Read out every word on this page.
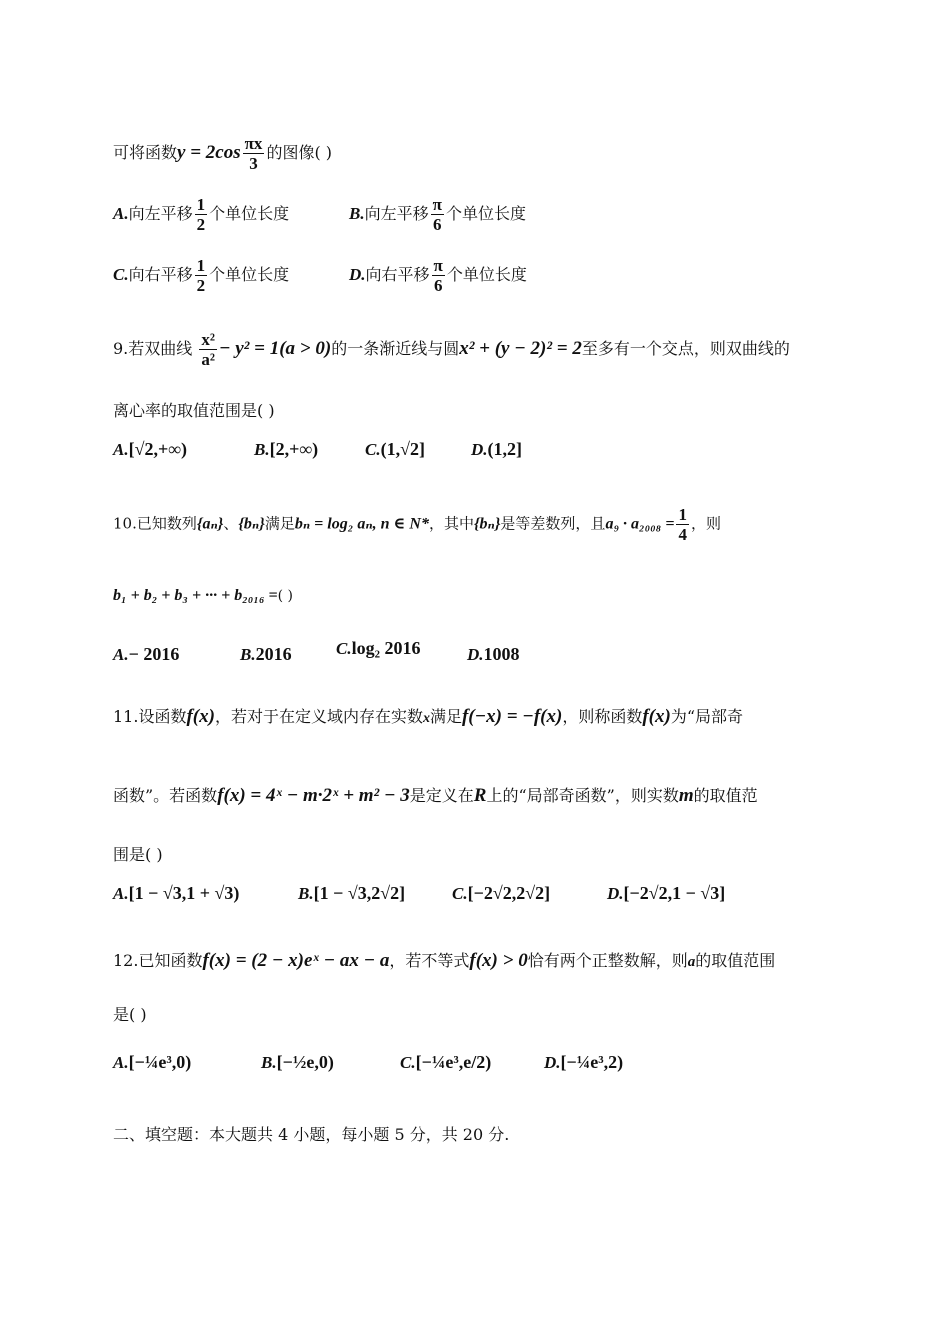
可将函数$y = 2\cos \frac{\pi x}{3}$ 的图像( )
A.向左平移 $\frac{1}{2}$ 个单位长度	B.向左平移 $\frac{\pi}{6}$ 个单位长度
C.向右平移 $\frac{1}{2}$ 个单位长度	D.向右平移 $\frac{\pi}{6}$ 个单位长度
9.若双曲线 $\frac{\text{x²}}{\text{a²}} - y^2 = 1(a > 0)$的一条渐近线与圆x² + (y − 2)² = 2至多有一个交点，则双曲线的
离心率的取值范围是( )
A.[√2,+∞)	B.[2,+∞)	C.(1,√2]	D.(1,2]
10.已知数列{aₙ}、{bₙ}满足bₙ = log₂ aₙ, n ∈ N*，其中{bₙ}是等差数列，且$a_9 \cdot a_{2008} = \frac{1}{4}$ ，则
b₁ + b₂ + b₃ + ··· + b₂₀₁₆ =( )
A.− 2016	B.2016	C.log₂ 2016	D.1008
11.设函数f(x)，若对于在定义域内存在实数x满足f(−x) = −f(x)，则称函数f(x)为“局部奇
函数”。若函数f(x) = 4ˣ − m·2ˣ + m² − 3是定义在R上的“局部奇函数”，则实数m的取值范
围是( )
A.[1 − √3,1 + √3)	B.[1 − √3,2√2]	C.[−2√2,2√2]	D.[−2√2,1 − √3]
12.已知函数f(x) = (2 − x)eˣ − ax − a，若不等式f(x) > 0恰有两个正整数解，则a的取值范围
是( )
A.[−¼e³,0)	B.[−½e,0)	C.[−¼e³,e/2)	D.[−¼e³,2)
二、填空题：本大题共 4 小题，每小题 5 分，共 20 分.
